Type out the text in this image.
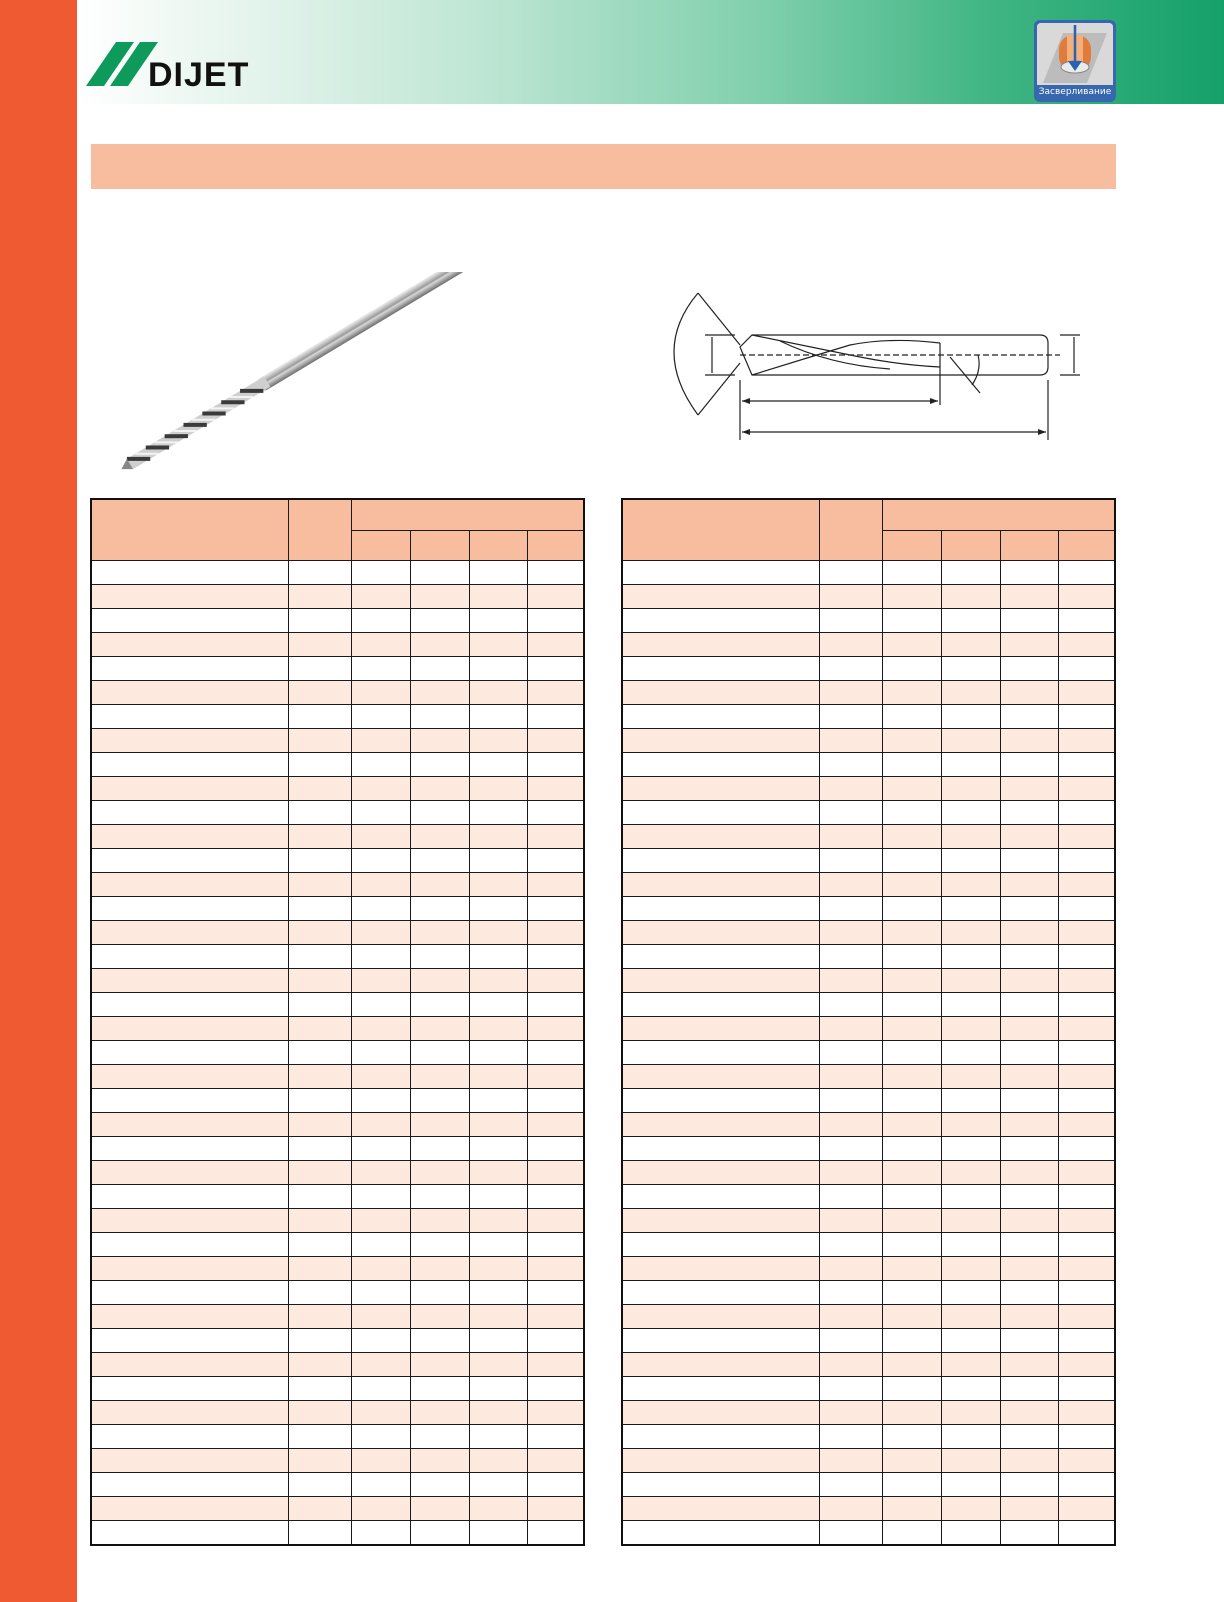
DIJET	Засверливание
